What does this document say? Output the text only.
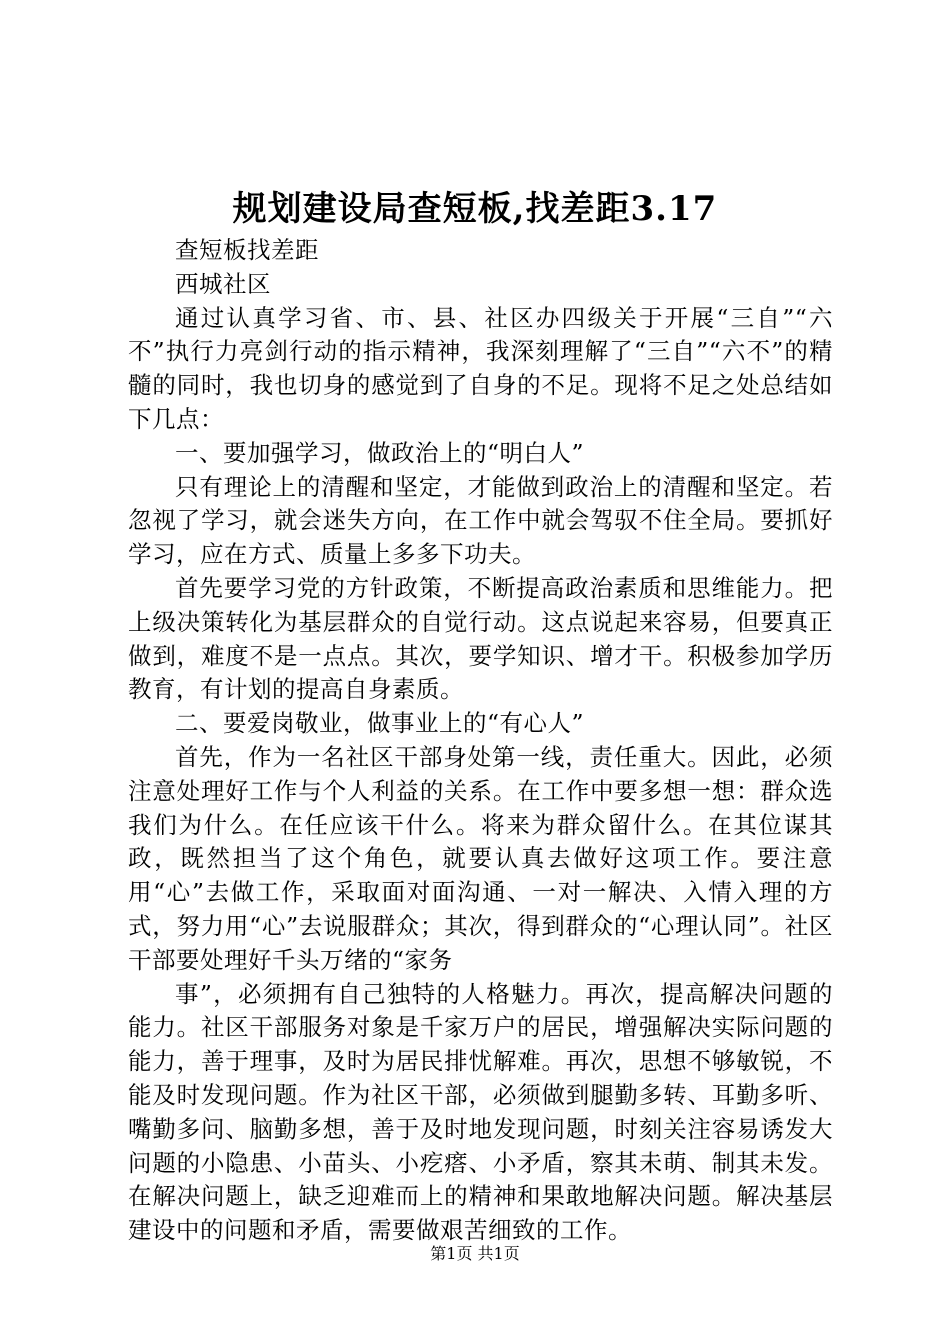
规划建设局查短板,找差距3.17

查短板找差距

西城社区

通过认真学习省、市、县、社区办四级关于开展“三自”“六不”执行力亮剑行动的指示精神，我深刻理解了“三自”“六不”的精髓的同时，我也切身的感觉到了自身的不足。现将不足之处总结如下几点：

一、要加强学习，做政治上的“明白人”

只有理论上的清醒和坚定，才能做到政治上的清醒和坚定。若忽视了学习，就会迷失方向，在工作中就会驾驭不住全局。要抓好学习，应在方式、质量上多多下功夫。

首先要学习党的方针政策，不断提高政治素质和思维能力。把上级决策转化为基层群众的自觉行动。这点说起来容易，但要真正做到，难度不是一点点。其次，要学知识、增才干。积极参加学历教育，有计划的提高自身素质。

二、要爱岗敬业，做事业上的“有心人”

首先，作为一名社区干部身处第一线，责任重大。因此，必须注意处理好工作与个人利益的关系。在工作中要多想一想：群众选我们为什么。在任应该干什么。将来为群众留什么。在其位谋其政，既然担当了这个角色，就要认真去做好这项工作。要注意用“心”去做工作，采取面对面沟通、一对一解决、入情入理的方式，努力用“心”去说服群众；其次，得到群众的“心理认同”。社区干部要处理好千头万绪的“家务

事”，必须拥有自己独特的人格魅力。再次，提高解决问题的能力。社区干部服务对象是千家万户的居民，增强解决实际问题的能力，善于理事，及时为居民排忧解难。再次，思想不够敏锐，不能及时发现问题。作为社区干部，必须做到腿勤多转、耳勤多听、嘴勤多问、脑勤多想，善于及时地发现问题，时刻关注容易诱发大问题的小隐患、小苗头、小疙瘩、小矛盾，察其未萌、制其未发。在解决问题上，缺乏迎难而上的精神和果敢地解决问题。解决基层建设中的问题和矛盾，需要做艰苦细致的工作。

第1页 共1页
